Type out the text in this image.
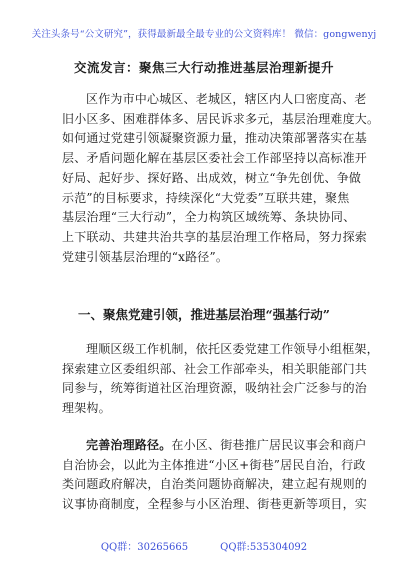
关注头条号“公文研究”，获得最新最全最专业的公文资料库！ 微信：gongwenyj
交流发言：聚焦三大行动推进基层治理新提升

区作为市中心城区、老城区，辖区内人口密度高、老
旧小区多、困难群体多、居民诉求多元，基层治理难度大。
如何通过党建引领凝聚资源力量，推动决策部署落实在基
层、矛盾问题化解在基层区委社会工作部坚持以高标准开
好局、起好步、探好路、出成效，树立“争先创优、争做
示范”的目标要求，持续深化“大党委”互联共建，聚焦
基层治理“三大行动”，全力构筑区域统筹、条块协同、
上下联动、共建共治共享的基层治理工作格局，努力探索
党建引领基层治理的“x路径”。

一、聚焦党建引领，推进基层治理“强基行动”

理顺区级工作机制，依托区委党建工作领导小组框架，
探索建立区委组织部、社会工作部牵头，相关职能部门共
同参与，统筹街道社区治理资源，吸纳社会广泛参与的治
理架构。

完善治理路径。在小区、街巷推广居民议事会和商户
自治协会，以此为主体推进“小区+街巷”居民自治，行政
类问题政府解决，自治类问题协商解决，建立起有规则的
议事协商制度，全程参与小区治理、街巷更新等项目，实

QQ群：30265665	QQ群:535304092
